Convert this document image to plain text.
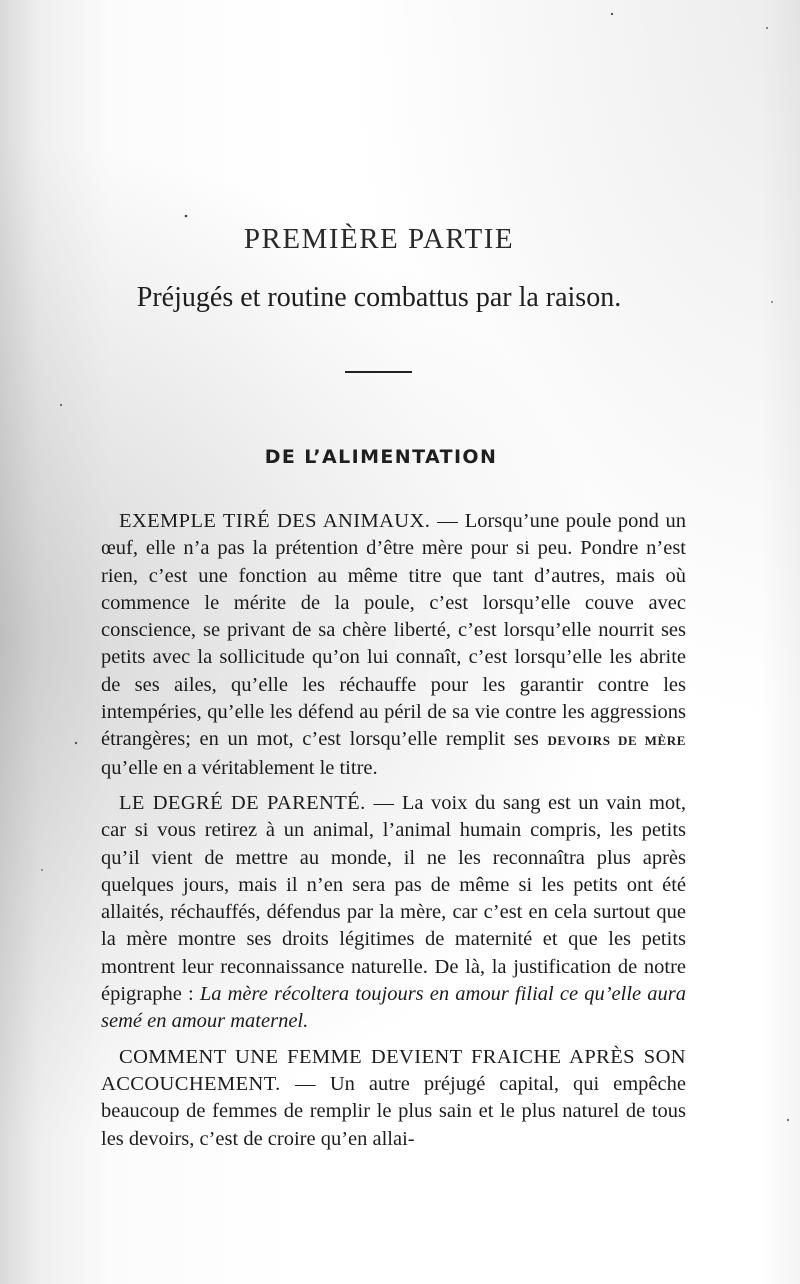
PREMIÈRE PARTIE
Préjugés et routine combattus par la raison.
DE L’ALIMENTATION

EXEMPLE TIRÉ DES ANIMAUX. — Lorsqu’une poule pond un œuf, elle n’a pas la prétention d’être mère pour si peu. Pondre n’est rien, c’est une fonction au même titre que tant d’autres, mais où commence le mérite de la poule, c’est lorsqu’elle couve avec conscience, se privant de sa chère liberté, c’est lorsqu’elle nourrit ses petits avec la sollicitude qu’on lui connaît, c’est lorsqu’elle les abrite de ses ailes, qu’elle les réchauffe pour les garantir contre les intempéries, qu’elle les défend au péril de sa vie contre les aggressions étrangères; en un mot, c’est lorsqu’elle remplit ses DEVOIRS DE MÈRE qu’elle en a véritablement le titre.

LE DEGRÉ DE PARENTÉ. — La voix du sang est un vain mot, car si vous retirez à un animal, l’animal humain compris, les petits qu’il vient de mettre au monde, il ne les reconnaîtra plus après quelques jours, mais il n’en sera pas de même si les petits ont été allaités, réchauffés, défendus par la mère, car c’est en cela surtout que la mère montre ses droits légitimes de maternité et que les petits montrent leur reconnaissance naturelle. De là, la justification de notre épigraphe : La mère récoltera toujours en amour filial ce qu’elle aura semé en amour maternel.

COMMENT UNE FEMME DEVIENT FRAICHE APRÈS SON ACCOUCHEMENT. — Un autre préjugé capital, qui empêche beaucoup de femmes de remplir le plus sain et le plus naturel de tous les devoirs, c’est de croire qu’en allai-
